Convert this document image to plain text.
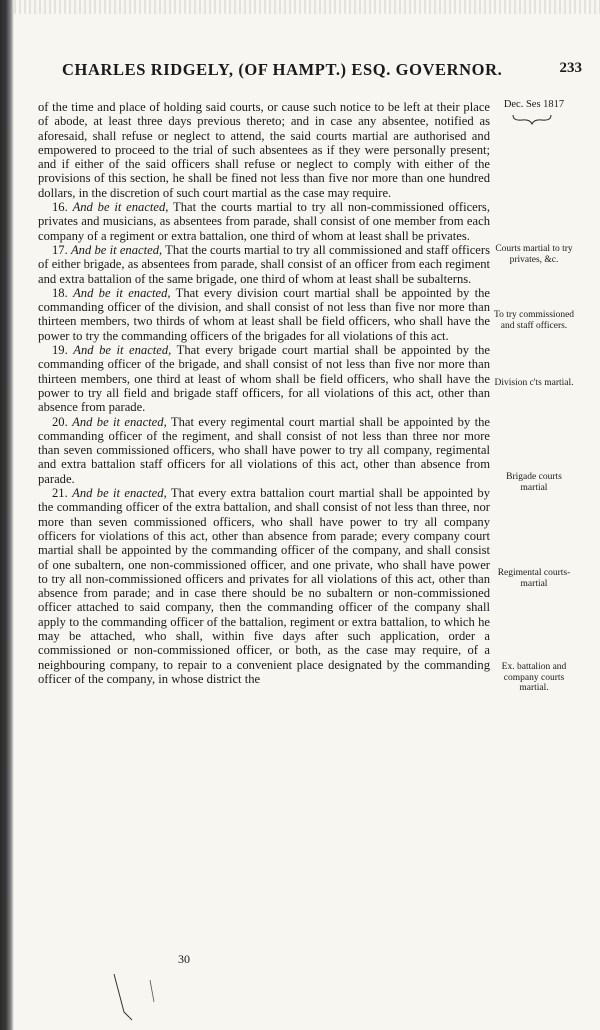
CHARLES RIDGELY, (OF HAMPT.) ESQ. GOVERNOR.	233
Dec. Ses 1817
Courts martial to try privates, &c.
To try commissioned and staff officers.
Division c'ts martial.
Brigade courts martial
Regimental courts-martial
Ex. battalion and company courts martial.

of the time and place of holding said courts, or cause such notice to be left at their place of abode, at least three days previous thereto; and in case any absentee, notified as aforesaid, shall refuse or neglect to attend, the said courts martial are authorised and empowered to proceed to the trial of such absentees as if they were personally present; and if either of the said officers shall refuse or neglect to comply with either of the provisions of this section, he shall be fined not less than five nor more than one hundred dollars, in the discretion of such court martial as the case may require.

16. And be it enacted, That the courts martial to try all non-commissioned officers, privates and musicians, as absentees from parade, shall consist of one member from each company of a regiment or extra battalion, one third of whom at least shall be privates.

17. And be it enacted, That the courts martial to try all commissioned and staff officers of either brigade, as absentees from parade, shall consist of an officer from each regiment and extra battalion of the same brigade, one third of whom at least shall be subalterns.

18. And be it enacted, That every division court martial shall be appointed by the commanding officer of the division, and shall consist of not less than five nor more than thirteen members, two thirds of whom at least shall be field officers, who shall have the power to try the commanding officers of the brigades for all violations of this act.

19. And be it enacted, That every brigade court martial shall be appointed by the commanding officer of the brigade, and shall consist of not less than five nor more than thirteen members, one third at least of whom shall be field officers, who shall have the power to try all field and brigade staff officers, for all violations of this act, other than absence from parade.

20. And be it enacted, That every regimental court martial shall be appointed by the commanding officer of the regiment, and shall consist of not less than three nor more than seven commissioned officers, who shall have power to try all company, regimental and extra battalion staff officers for all violations of this act, other than absence from parade.

21. And be it enacted, That every extra battalion court martial shall be appointed by the commanding officer of the extra battalion, and shall consist of not less than three, nor more than seven commissioned officers, who shall have power to try all company officers for violations of this act, other than absence from parade; every company court martial shall be appointed by the commanding officer of the company, and shall consist of one subaltern, one non-commissioned officer, and one private, who shall have power to try all non-commissioned officers and privates for all violations of this act, other than absence from parade; and in case there should be no subaltern or non-commissioned officer attached to said company, then the commanding officer of the company shall apply to the commanding officer of the battalion, regiment or extra battalion, to which he may be attached, who shall, within five days after such application, order a commissioned or non-commissioned officer, or both, as the case may require, of a neighbouring company, to repair to a convenient place designated by the commanding officer of the company, in whose district the

30
